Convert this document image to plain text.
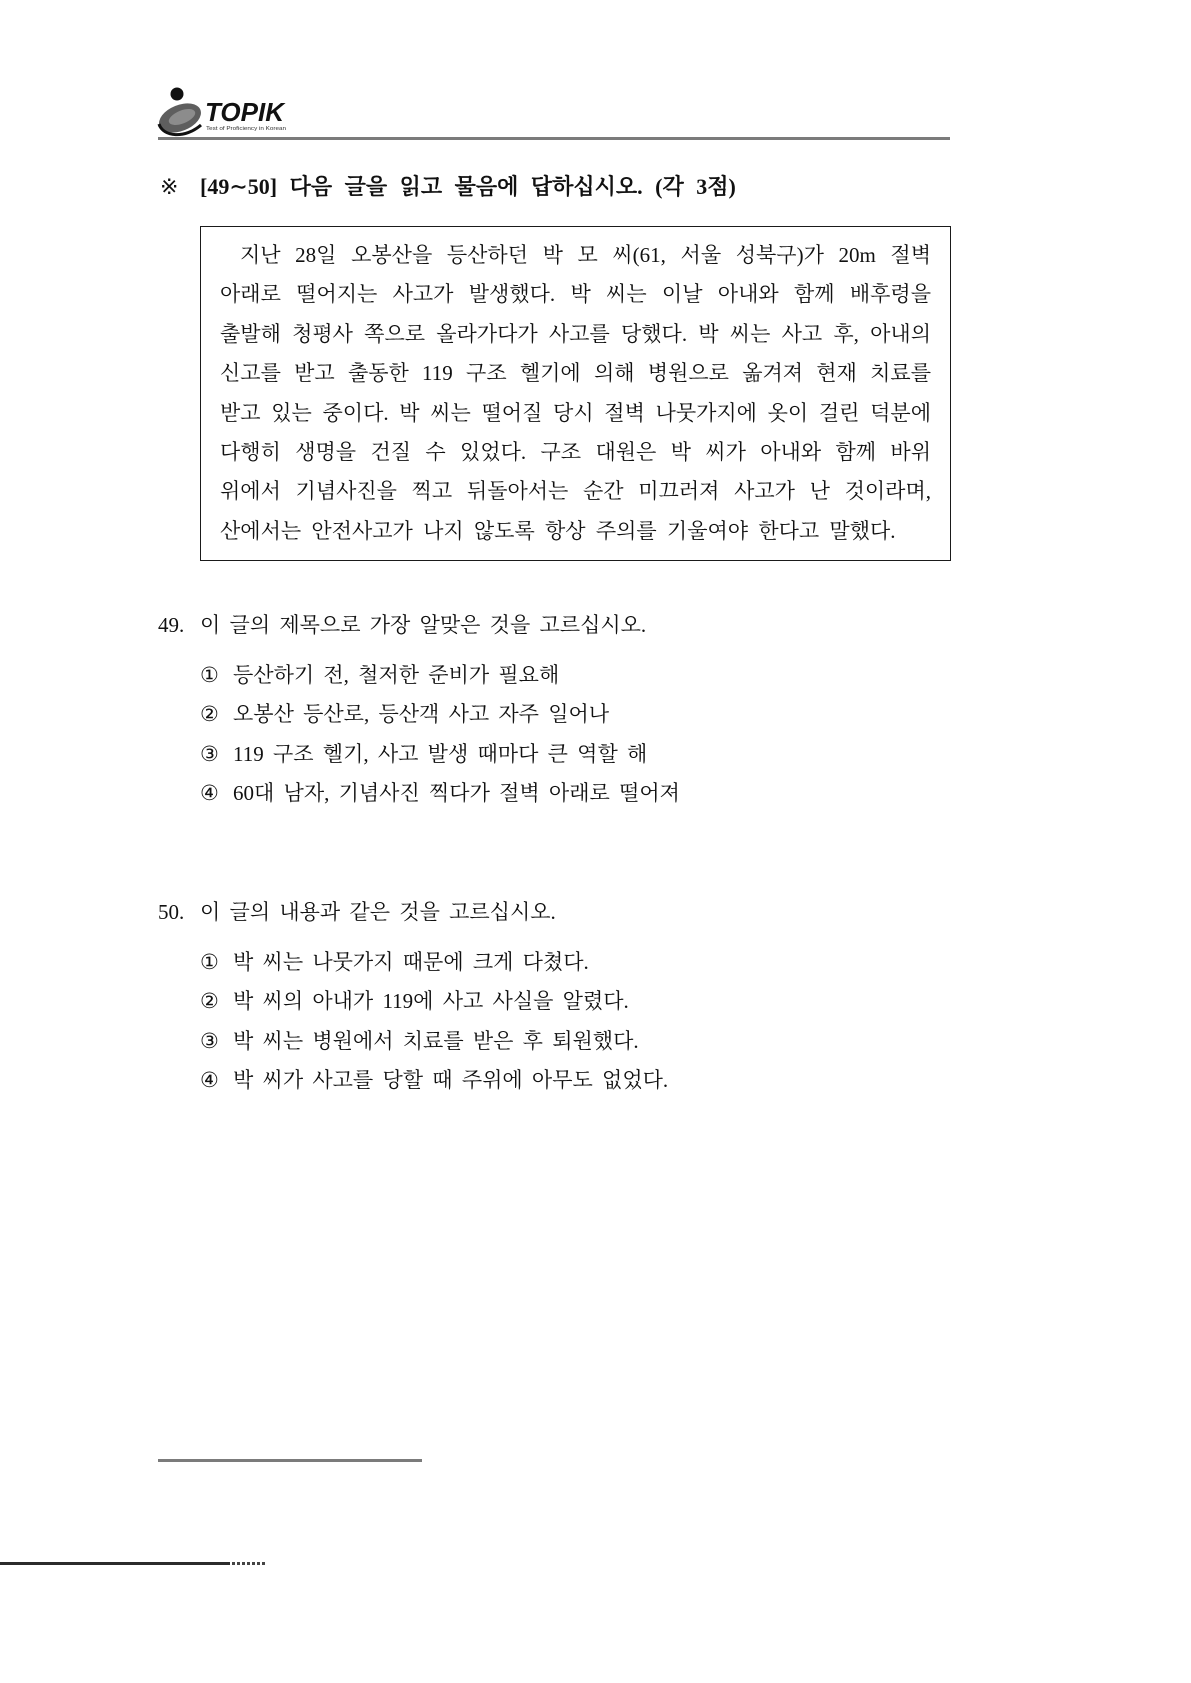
TOPIK
Test of Proficiency in Korean
※ [49∼50] 다음 글을 읽고 물음에 답하십시오. (각 3점)
지난 28일 오봉산을 등산하던 박 모 씨(61, 서울 성북구)가 20m 절벽
아래로 떨어지는 사고가 발생했다. 박 씨는 이날 아내와 함께 배후령을
출발해 청평사 쪽으로 올라가다가 사고를 당했다. 박 씨는 사고 후, 아내의
신고를 받고 출동한 119 구조 헬기에 의해 병원으로 옮겨져 현재 치료를
받고 있는 중이다. 박 씨는 떨어질 당시 절벽 나뭇가지에 옷이 걸린 덕분에
다행히 생명을 건질 수 있었다. 구조 대원은 박 씨가 아내와 함께 바위
위에서 기념사진을 찍고 뒤돌아서는 순간 미끄러져 사고가 난 것이라며,
산에서는 안전사고가 나지 않도록 항상 주의를 기울여야 한다고 말했다.
49. 이 글의 제목으로 가장 알맞은 것을 고르십시오.
① 등산하기 전, 철저한 준비가 필요해
② 오봉산 등산로, 등산객 사고 자주 일어나
③ 119 구조 헬기, 사고 발생 때마다 큰 역할 해
④ 60대 남자, 기념사진 찍다가 절벽 아래로 떨어져
50. 이 글의 내용과 같은 것을 고르십시오.
① 박 씨는 나뭇가지 때문에 크게 다쳤다.
② 박 씨의 아내가 119에 사고 사실을 알렸다.
③ 박 씨는 병원에서 치료를 받은 후 퇴원했다.
④ 박 씨가 사고를 당할 때 주위에 아무도 없었다.
